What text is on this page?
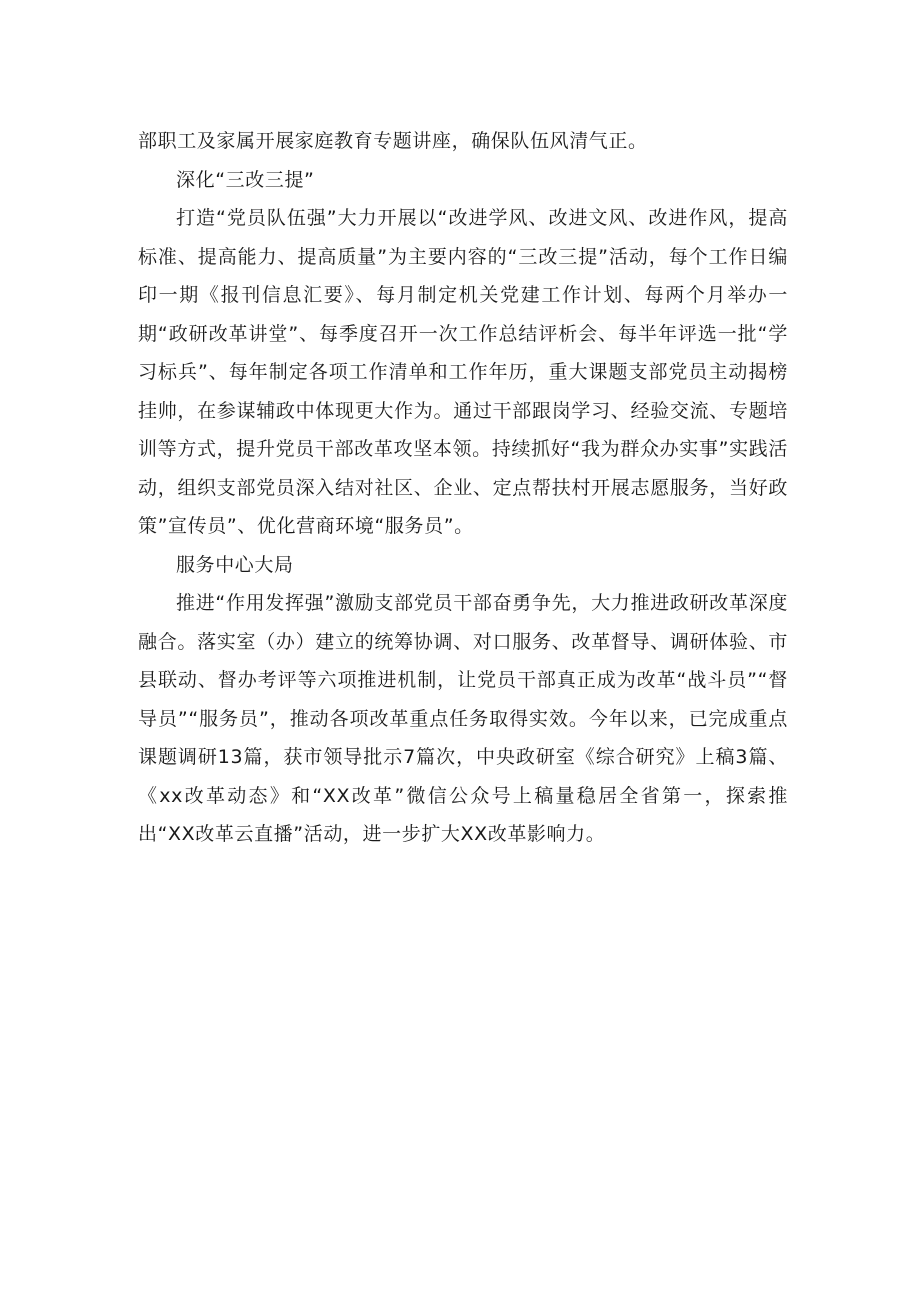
部职工及家属开展家庭教育专题讲座，确保队伍风清气正。

深化“三改三提”

打造“党员队伍强”大力开展以“改进学风、改进文风、改进作风，提高标准、提高能力、提高质量”为主要内容的“三改三提”活动，每个工作日编印一期《报刊信息汇要》、每月制定机关党建工作计划、每两个月举办一期“政研改革讲堂”、每季度召开一次工作总结评析会、每半年评选一批“学习标兵”、每年制定各项工作清单和工作年历，重大课题支部党员主动揭榜挂帅，在参谋辅政中体现更大作为。通过干部跟岗学习、经验交流、专题培训等方式，提升党员干部改革攻坚本领。持续抓好“我为群众办实事”实践活动，组织支部党员深入结对社区、企业、定点帮扶村开展志愿服务，当好政策”宣传员”、优化营商环境“服务员”。

服务中心大局

推进“作用发挥强”激励支部党员干部奋勇争先，大力推进政研改革深度融合。落实室（办）建立的统筹协调、对口服务、改革督导、调研体验、市县联动、督办考评等六项推进机制，让党员干部真正成为改革“战斗员”“督导员”“服务员”，推动各项改革重点任务取得实效。今年以来，已完成重点课题调研13篇，获市领导批示7篇次，中央政研室《综合研究》上稿3篇、《xx改革动态》和“XX改革”微信公众号上稿量稳居全省第一，探索推出“XX改革云直播”活动，进一步扩大XX改革影响力。
